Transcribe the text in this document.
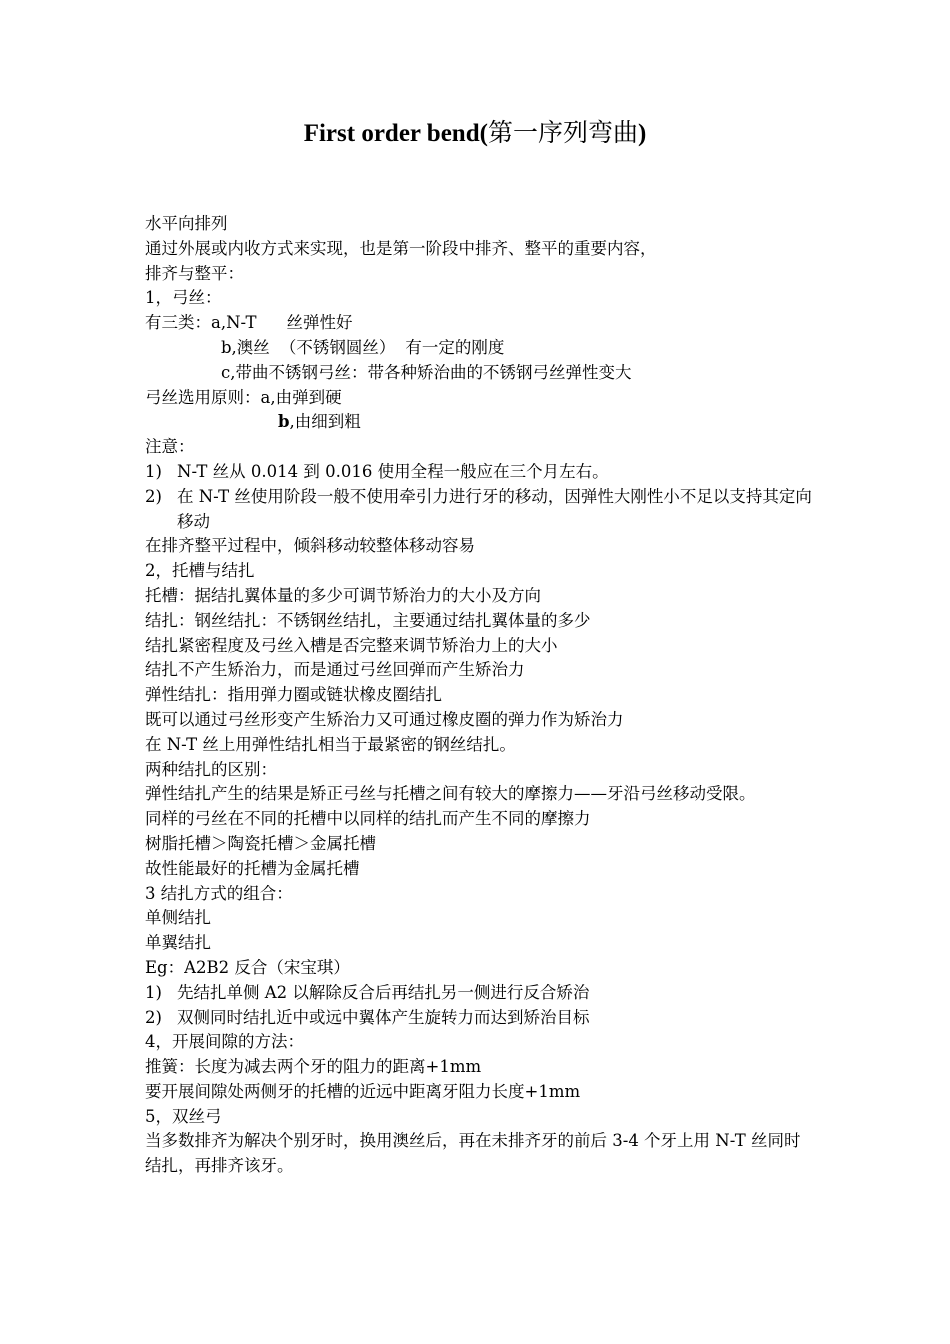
First order bend(第一序列弯曲)
水平向排列
通过外展或内收方式来实现，也是第一阶段中排齐、整平的重要内容，
排齐与整平：
1，弓丝：
有三类：a,N-T 丝弹性好
b,澳丝 （不锈钢圆丝） 有一定的刚度
c,带曲不锈钢弓丝：带各种矫治曲的不锈钢弓丝弹性变大
弓丝选用原则：a,由弹到硬
b,由细到粗
注意：
1) N-T 丝从 0.014 到 0.016 使用全程一般应在三个月左右。
2) 在 N-T 丝使用阶段一般不使用牵引力进行牙的移动，因弹性大刚性小不足以支持其定向移动
在排齐整平过程中，倾斜移动较整体移动容易
2，托槽与结扎
托槽：据结扎翼体量的多少可调节矫治力的大小及方向
结扎：钢丝结扎：不锈钢丝结扎，主要通过结扎翼体量的多少
结扎紧密程度及弓丝入槽是否完整来调节矫治力上的大小
结扎不产生矫治力，而是通过弓丝回弹而产生矫治力
弹性结扎：指用弹力圈或链状橡皮圈结扎
既可以通过弓丝形变产生矫治力又可通过橡皮圈的弹力作为矫治力
在 N-T 丝上用弹性结扎相当于最紧密的钢丝结扎。
两种结扎的区别：
弹性结扎产生的结果是矫正弓丝与托槽之间有较大的摩擦力——牙沿弓丝移动受限。
同样的弓丝在不同的托槽中以同样的结扎而产生不同的摩擦力
树脂托槽＞陶瓷托槽＞金属托槽
故性能最好的托槽为金属托槽
3 结扎方式的组合：
单侧结扎
单翼结扎
Eg：A2B2 反合（宋宝琪）
1) 先结扎单侧 A2 以解除反合后再结扎另一侧进行反合矫治
2) 双侧同时结扎近中或远中翼体产生旋转力而达到矫治目标
4，开展间隙的方法：
推簧：长度为减去两个牙的阻力的距离+1mm
要开展间隙处两侧牙的托槽的近远中距离牙阻力长度+1mm
5，双丝弓
当多数排齐为解决个别牙时，换用澳丝后，再在未排齐牙的前后 3-4 个牙上用 N-T 丝同时结扎，再排齐该牙。
